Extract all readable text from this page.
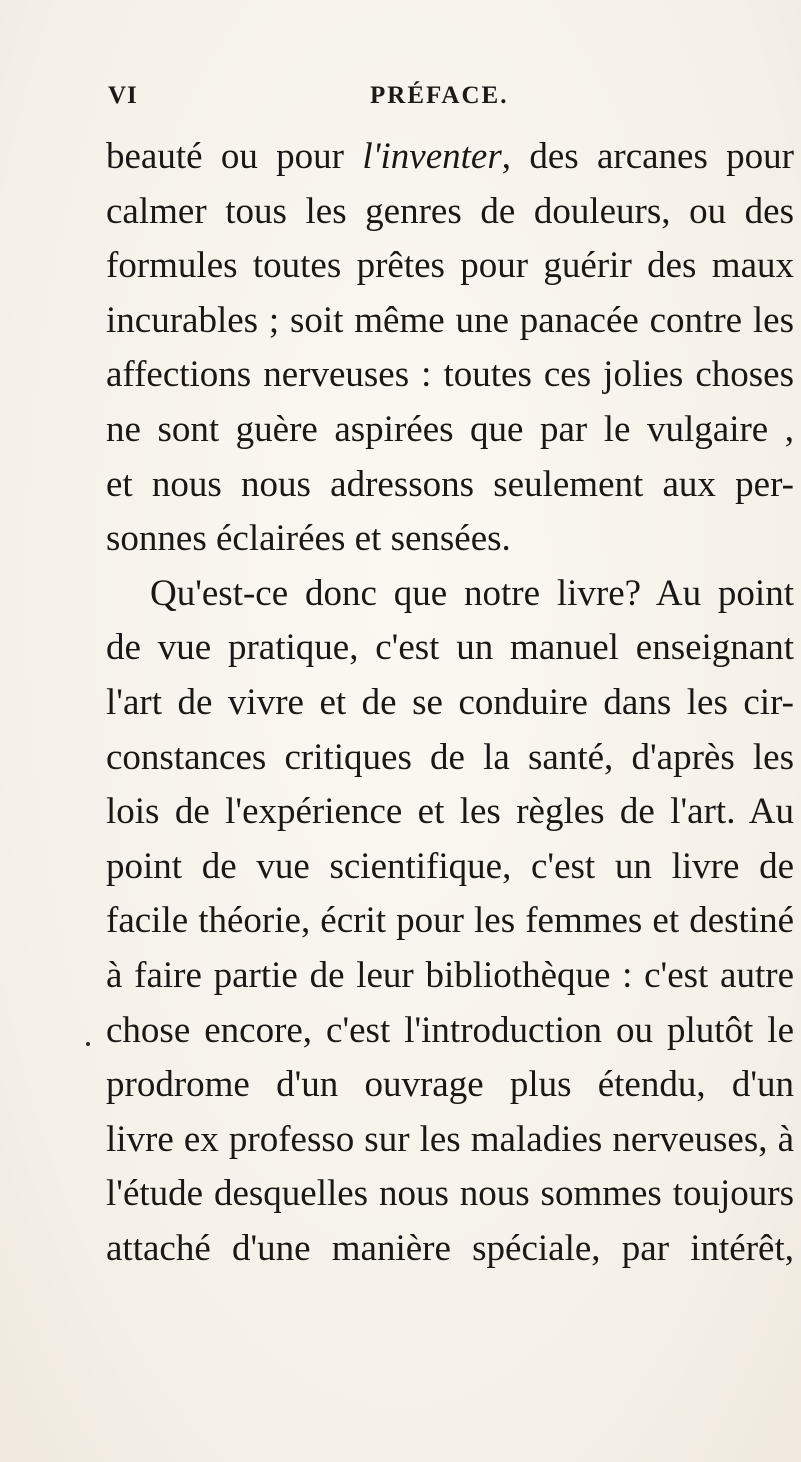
VI	PRÉFACE.
beauté ou pour l'inventer, des arcanes pour
calmer tous les genres de douleurs, ou des
formules toutes prêtes pour guérir des maux
incurables ; soit même une panacée contre les
affections nerveuses : toutes ces jolies choses
ne sont guère aspirées que par le vulgaire ,
et nous nous adressons seulement aux per-
sonnes éclairées et sensées.
Qu'est-ce donc que notre livre? Au point
de vue pratique, c'est un manuel enseignant
l'art de vivre et de se conduire dans les cir-
constances critiques de la santé, d'après les
lois de l'expérience et les règles de l'art. Au
point de vue scientifique, c'est un livre de
facile théorie, écrit pour les femmes et destiné
à faire partie de leur bibliothèque : c'est autre
chose encore, c'est l'introduction ou plutôt le
prodrome d'un ouvrage plus étendu, d'un
livre ex professo sur les maladies nerveuses, à
l'étude desquelles nous nous sommes toujours
attaché d'une manière spéciale, par intérêt,
